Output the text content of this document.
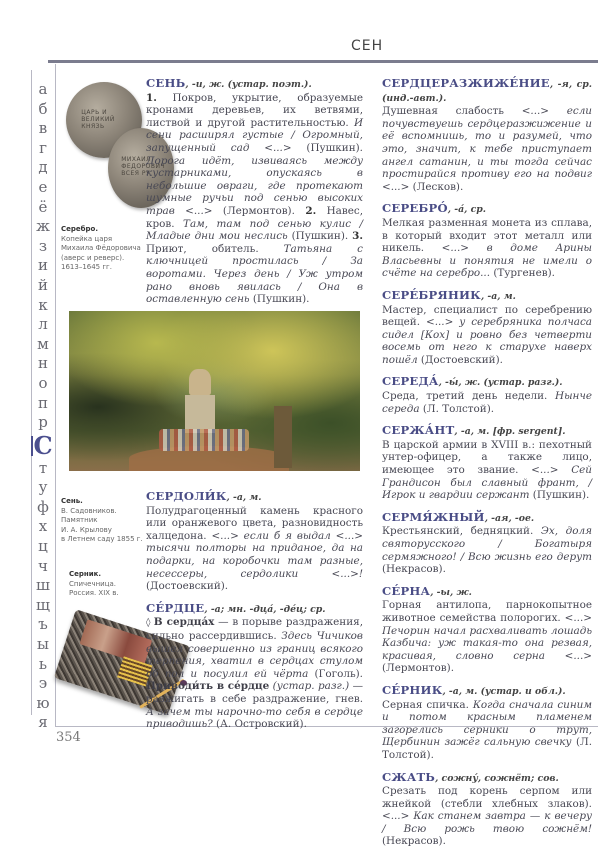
СЕН
а
б
в
г
д
е
ё
ж
з
и
й
к
л
м
н
о
п
р
С
т
у
ф
х
ц
ч
ш
щ
ъ
ы
ь
э
ю
я
ЦАРЬ И ВЕЛИКИЙ КНЯЗЬ
МИХАИЛ ФЕДОРОВИЧ ВСЕЯ РУ
Серебро.
Копейка царя
Михаила Фёдоровича
(аверс и реверс).
1613–1645 гг.
Сень.
В. Садовников.
Памятник
И. А. Крылову
в Летнем саду 1855 г.
Серник.
Спичечница.
Россия. XIX в.

СЕНЬ, -и, ж. (устар. поэт.).
1. Покров, укрытие, образуемые кронами деревьев, их ветвями, листвой и другой растительностью. И сени расширял густые / Огромный, запущенный сад <...> (Пушкин). Дорога идёт, извиваясь между кустарниками, опускаясь в небольшие овраги, где протекают шумные ручьи под сенью высоких трав <...> (Лермонтов). 2. Навес, кров. Там, там под сенью кулис / Младые дни мои неслись (Пушкин). 3. Приют, обитель. Татьяна с ключницей простилась / За воротами. Через день / Уж утром рано вновь явилась / Она в оставленную сень (Пушкин).

СЕРДОЛИ́К, -а, м.
Полудрагоценный камень красного или оранжевого цвета, разновидность халцедона. <...> если б я выдал <...> тысячи полторы на приданое, да на подарки, на коробочки там разные, несессеры, сердолики <...>! (Достоевский).

СЕ́РДЦЕ, -а; мн. -дца́, -де́ц; ср.
◊ В сердца́х — в порыве раздражения, сильно рассердившись. Здесь Чичиков вышел совершенно из границ всякого терпения, хватил в сердцах стулом об пол и посулил ей чёрта (Гоголь). Приводи́ть в се́рдце (устар. разг.) — разжигать в себе раздражение, гнев. А зачем ты нарочно-то себя в сердце приводишь? (А. Островский).

СЕРДЦЕРАЗЖИЖЕ́НИЕ, -я, ср. (инд.-авт.).
Душевная слабость <...> если почувствуешь сердцеразжижение и её вспомнишь, то и разумей, что это, значит, к тебе приступает ангел сатанин, и ты тогда сейчас простирайся противу его на подвиг <...> (Лесков).

СЕРЕБРО́, -а́, ср.
Мелкая разменная монета из сплава, в который входит этот металл или никель. <...> в доме Арины Власьевны и понятия не имели о счёте на серебро... (Тургенев).

СЕРЕ́БРЯНИК, -а, м.
Мастер, специалист по серебрению вещей. <...> у серебряника полчаса сидел [Кох] и ровно без четверти восемь от него к старухе наверх пошёл (Достоевский).

СЕРЕДА́, -ы́, ж. (устар. разг.).
Среда, третий день недели. Нынче середа (Л. Толстой).

СЕРЖА́НТ, -а, м. [фр. sergent].
В царской армии в XVIII в.: пехотный унтер-офицер, а также лицо, имеющее это звание. <...> Сей Грандисон был славный франт, / Игрок и гвардии сержант (Пушкин).

СЕРМЯ́ЖНЫЙ, -ая, -ое.
Крестьянский, бедняцкий. Эх, доля святорусского / Богатыря сермяжного! / Всю жизнь его дерут (Некрасов).

СЕ́РНА, -ы, ж.
Горная антилопа, парнокопытное животное семейства полорогих. <...> Печорин начал расхваливать лошадь Казбича: уж такая-то она резвая, красивая, словно серна <...> (Лермонтов).

СЕ́РНИК, -а, м. (устар. и обл.).
Серная спичка. Когда сначала синим и потом красным пламенем загорелись серники о трут, Щербинин зажёг сальную свечку (Л. Толстой).

СЖАТЬ, сожну́, сожнёт; сов.
Срезать под корень серпом или жнейкой (стебли хлебных злаков). <...> Как станем завтра — к вечеру / Всю рожь твою сожнём! (Некрасов).

354
